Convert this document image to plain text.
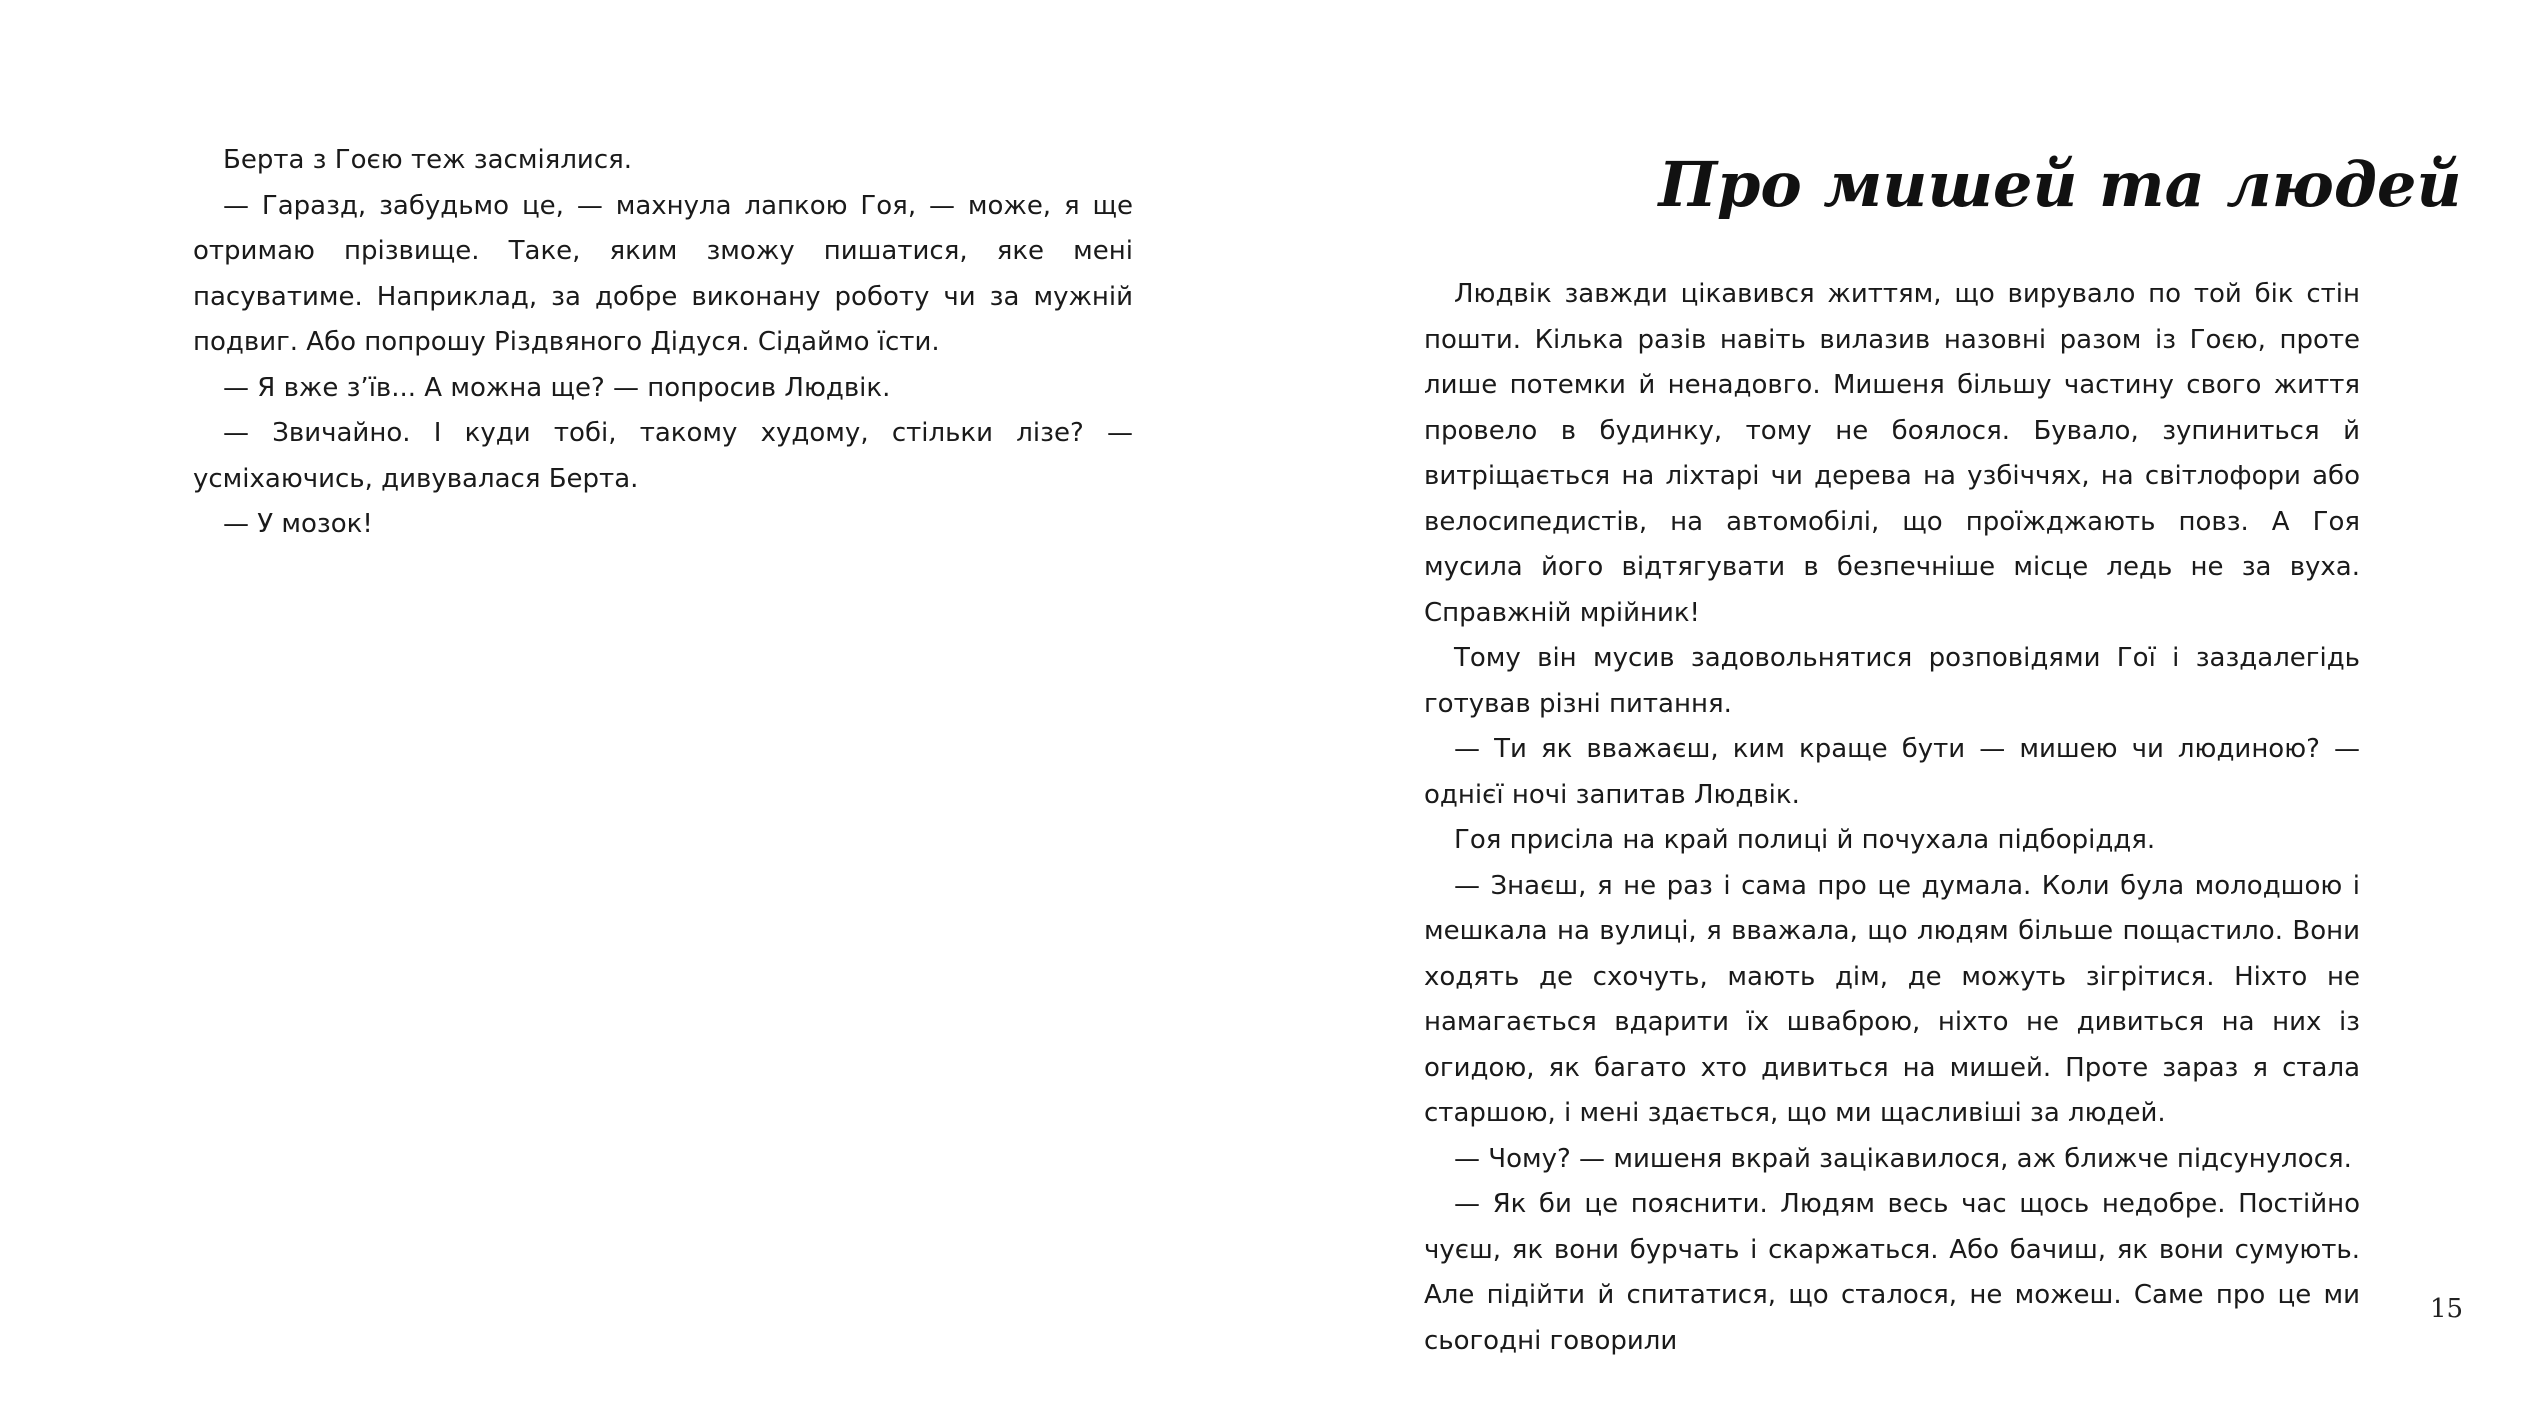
Берта з Гоєю теж засміялися.

— Гаразд, забудьмо це, — махнула лапкою Гоя, — може, я ще отримаю прізвище. Таке, яким зможу пишатися, яке мені пасуватиме. Наприклад, за добре виконану роботу чи за мужній подвиг. Або попрошу Різдвяного Дідуся. Сідаймо їсти.

— Я вже з’їв... А можна ще? — попросив Людвік.

— Звичайно. І куди тобі, такому худому, стільки лізе? — усміхаючись, дивувалася Берта.

— У мозок!

Про мишей та людей

Людвік завжди цікавився життям, що вирувало по той бік стін пошти. Кілька разів навіть вилазив назовні разом із Гоєю, проте лише потемки й ненадовго. Мишеня більшу частину свого життя провело в будинку, тому не боялося. Бувало, зупиниться й витріщається на ліхтарі чи дерева на узбіччях, на світлофори або велосипедистів, на автомобілі, що проїжджають повз. А Гоя мусила його відтягувати в безпечніше місце ледь не за вуха. Справжній мрійник!

Тому він мусив задовольнятися розповідями Гої і заздалегідь готував різні питання.

— Ти як вважаєш, ким краще бути — мишею чи людиною? — однієї ночі запитав Людвік.

Гоя присіла на край полиці й почухала підборіддя.

— Знаєш, я не раз і сама про це думала. Коли була молодшою і мешкала на вулиці, я вважала, що людям більше пощастило. Вони ходять де схочуть, мають дім, де можуть зігрітися. Ніхто не намагається вдарити їх шваброю, ніхто не дивиться на них із огидою, як багато хто дивиться на мишей. Проте зараз я стала старшою, і мені здається, що ми щасливіші за людей.

— Чому? — мишеня вкрай зацікавилося, аж ближче підсунулося.

— Як би це пояснити. Людям весь час щось недобре. Постійно чуєш, як вони бурчать і скаржаться. Або бачиш, як вони сумують. Але підійти й спитатися, що сталося, не можеш. Саме про це ми сьогодні говорили

15
